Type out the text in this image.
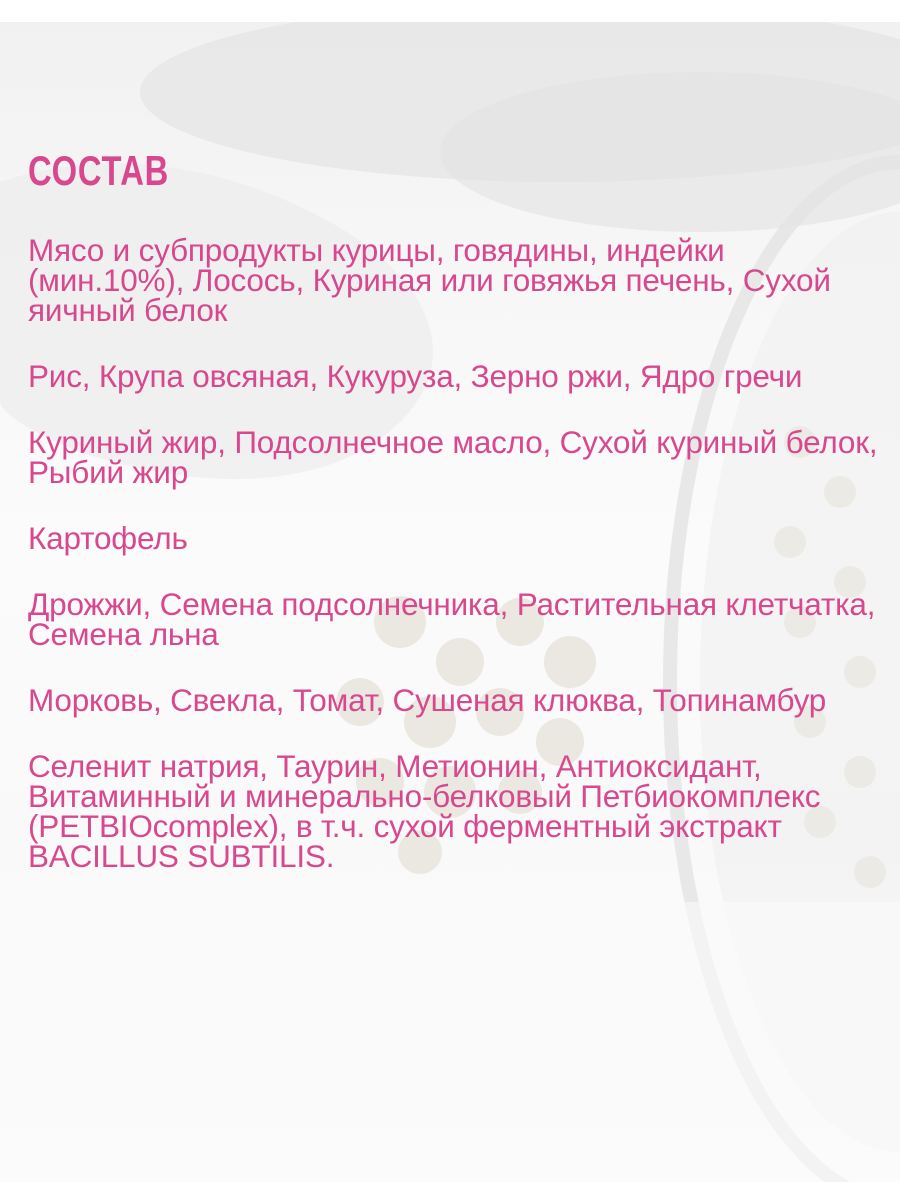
СОСТАВ
Мясо и субпродукты курицы, говядины, индейки (мин.10%), Лосось, Куриная или говяжья печень, Сухой яичный белок
Рис, Крупа овсяная, Кукуруза, Зерно ржи, Ядро гречи
Куриный жир, Подсолнечное масло, Сухой куриный белок, Рыбий жир
Картофель
Дрожжи, Семена подсолнечника, Растительная клетчатка, Семена льна
Морковь, Свекла, Томат, Сушеная клюква, Топинамбур
Селенит натрия, Таурин, Метионин, Антиоксидант, Витаминный и минерально-белковый Петбиокомплекс (PETBIOcomplex), в т.ч. сухой ферментный экстракт BACILLUS SUBTILIS.
